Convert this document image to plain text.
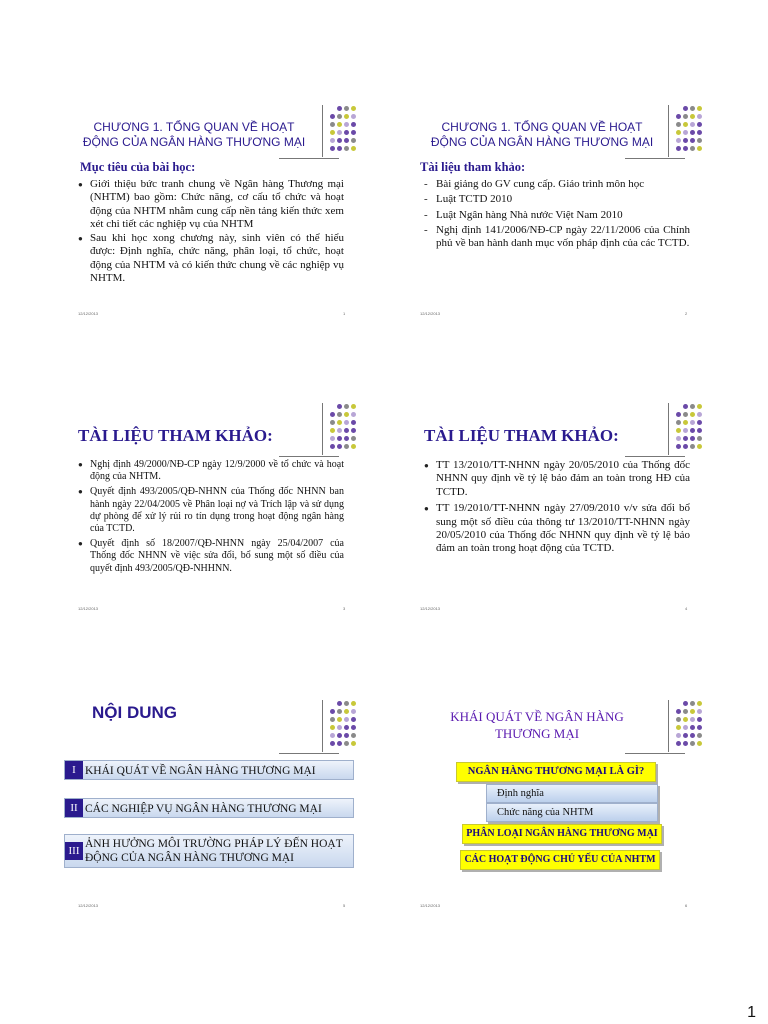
CHƯƠNG 1. TỔNG QUAN VỀ HOẠT ĐỘNG CỦA NGÂN HÀNG THƯƠNG MẠI
Mục tiêu của bài học:
● Giới thiệu bức tranh chung về Ngân hàng Thương mại (NHTM) bao gồm: Chức năng, cơ cấu tổ chức và hoạt động của NHTM nhằm cung cấp nền tảng kiến thức xem xét chi tiết các nghiệp vụ của NHTM
● Sau khi học xong chương này, sinh viên có thể hiểu được: Định nghĩa, chức năng, phân loại, tổ chức, hoạt động của NHTM và có kiến thức chung về các nghiệp vụ NHTM.
12/12/2013	1
CHƯƠNG 1. TỔNG QUAN VỀ HOẠT ĐỘNG CỦA NGÂN HÀNG THƯƠNG MẠI
Tài liệu tham khảo:
- Bài giảng do GV cung cấp. Giáo trình môn học
- Luật TCTD 2010
- Luật Ngân hàng Nhà nước Việt Nam 2010
- Nghị định 141/2006/NĐ-CP ngày 22/11/2006 của Chính phủ về ban hành danh mục vốn pháp định của các TCTD.
12/12/2013	2
TÀI LIỆU THAM KHẢO:
● Nghị định 49/2000/NĐ-CP ngày 12/9/2000 về tổ chức và hoạt động của NHTM.
● Quyết định 493/2005/QĐ-NHNN của Thống đốc NHNN ban hành ngày 22/04/2005 về Phân loại nợ và Trích lập và sử dụng dự phòng để xử lý rủi ro tín dụng trong hoạt động ngân hàng của TCTD.
● Quyết định số 18/2007/QĐ-NHNN ngày 25/04/2007 của Thống đốc NHNN về việc sửa đổi, bổ sung một số điều của quyết định 493/2005/QĐ-NHHNN.
12/12/2013	3
TÀI LIỆU THAM KHẢO:
● TT 13/2010/TT-NHNN ngày 20/05/2010 của Thống đốc NHNN quy định về tỷ lệ bảo đảm an toàn trong HĐ của TCTD.
● TT 19/2010/TT-NHNN ngày 27/09/2010 v/v sửa đổi bổ sung một số điều của thông tư 13/2010/TT-NHNN ngày 20/05/2010 của Thống đốc NHNN quy định về tỷ lệ bảo đảm an toàn trong hoạt động của TCTD.
12/12/2013	4
NỘI DUNG
I KHÁI QUÁT VỀ NGÂN HÀNG THƯƠNG MẠI
II CÁC NGHIỆP VỤ NGÂN HÀNG THƯƠNG MẠI
III
ẢNH HƯỞNG MÔI TRƯỜNG PHÁP LÝ ĐẾN HOẠT ĐỘNG CỦA NGÂN HÀNG THƯƠNG MẠI
12/12/2013	5
KHÁI QUÁT VỀ NGÂN HÀNG THƯƠNG MẠI
NGÂN HÀNG THƯƠNG MẠI LÀ GÌ?
Định nghĩa
Chức năng của NHTM
PHÂN LOẠI NGÂN HÀNG THƯƠNG MẠI
CÁC HOẠT ĐỘNG CHỦ YẾU CỦA NHTM
12/12/2013	6
1
